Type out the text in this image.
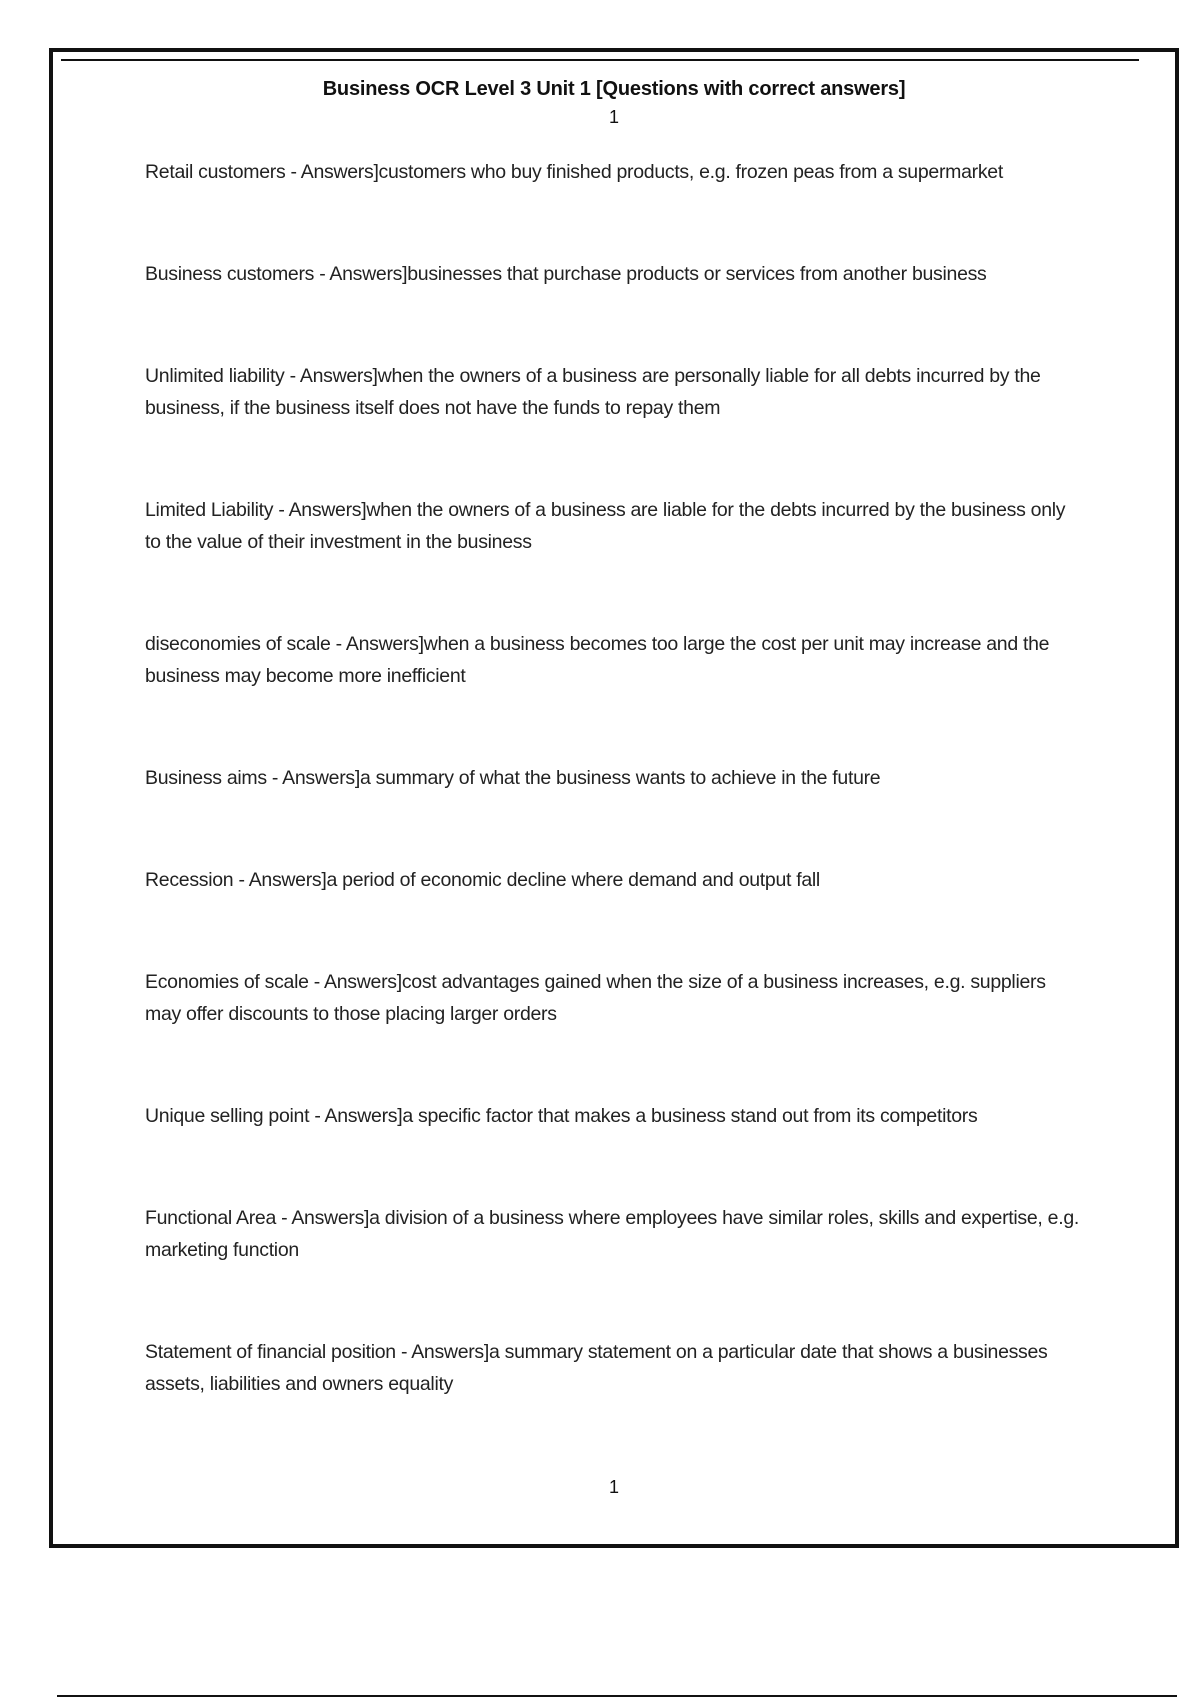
Business OCR Level 3 Unit 1 [Questions with correct answers]
1
Retail customers - Answers]customers who buy finished products, e.g. frozen peas from a supermarket
Business customers - Answers]businesses that purchase products or services from another business
Unlimited liability - Answers]when the owners of a business are personally liable for all debts incurred by the business, if the business itself does not have the funds to repay them
Limited Liability - Answers]when the owners of a business are liable for the debts incurred by the business only to the value of their investment in the business
diseconomies of scale - Answers]when a business becomes too large the cost per unit may increase and the business may become more inefficient
Business aims - Answers]a summary of what the business wants to achieve in the future
Recession - Answers]a period of economic decline where demand and output fall
Economies of scale - Answers]cost advantages gained when the size of a business increases, e.g. suppliers may offer discounts to those placing larger orders
Unique selling point - Answers]a specific factor that makes a business stand out from its competitors
Functional Area - Answers]a division of a business where employees have similar roles, skills and expertise, e.g. marketing function
Statement of financial position - Answers]a summary statement on a particular date that shows a businesses assets, liabilities and owners equality
1
